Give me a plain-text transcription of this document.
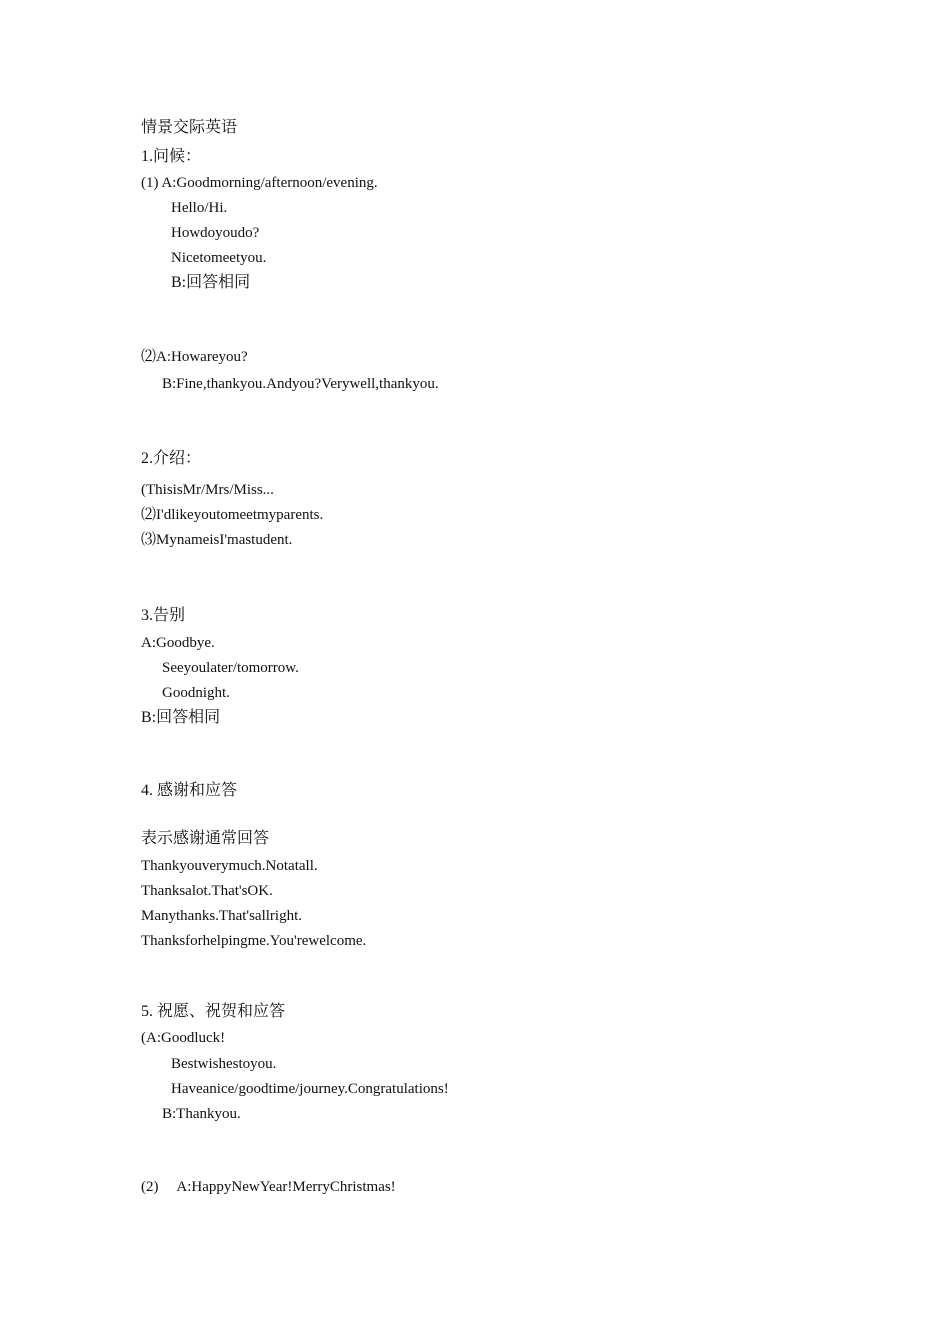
情景交际英语
1.问候：
(1) A:Goodmorning/afternoon/evening.
Hello/Hi.
Howdoyoudo?
Nicetomeetyou.
B:回答相同
⑵A:Howareyou?
B:Fine,thankyou.Andyou?Verywell,thankyou.
2.介绍：
(ThisisMr/Mrs/Miss...
⑵I'dlikeyoutomeetmyparents.
⑶MynameisI'mastudent.
3.告别
A:Goodbye.
Seeyoulater/tomorrow.
Goodnight.
B:回答相同
4. 感谢和应答
表示感谢通常回答
Thankyouverymuch.Notatall.
Thanksalot.That'sOK.
Manythanks.That'sallright.
Thanksforhelpingme.You'rewelcome.
5. 祝愿、祝贺和应答
(A:Goodluck!
Bestwishestoyou.
Haveanice/goodtime/journey.Congratulations!
B:Thankyou.
(2)     A:HappyNewYear!MerryChristmas!
